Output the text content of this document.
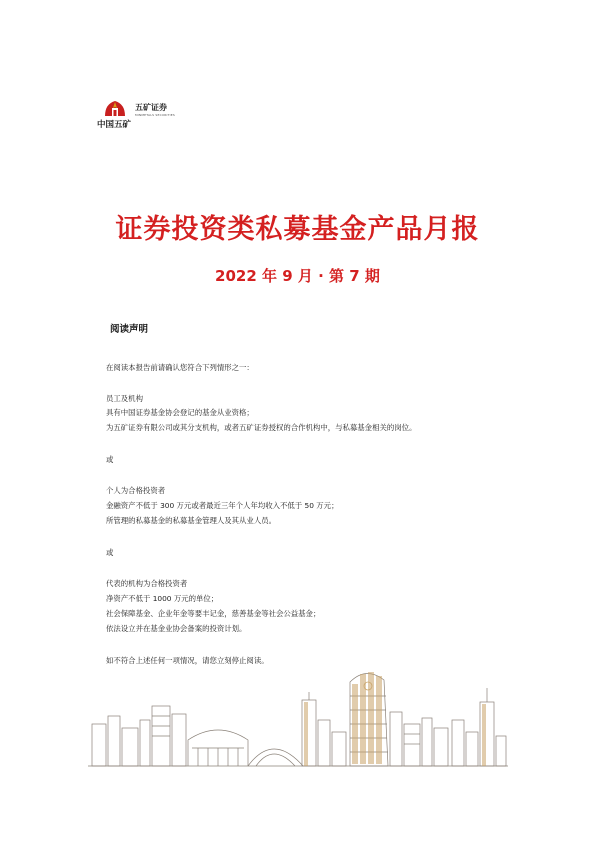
中国五矿
五矿证券
MINMETALS SECURITIES
证券投资类私募基金产品月报
2022 年 9 月 · 第 7 期
阅读声明
在阅读本报告前请确认您符合下列情形之一：
员工及机构
具有中国证券基金协会登记的基金从业资格；
为五矿证券有限公司或其分支机构，或者五矿证券授权的合作机构中，与私募基金相关的岗位。
或
个人为合格投资者
金融资产不低于 300 万元或者最近三年个人年均收入不低于 50 万元；
所管理的私募基金的私募基金管理人及其从业人员。
或
代表的机构为合格投资者
净资产不低于 1000 万元的单位；
社会保障基金、企业年金等要丰记金，慈善基金等社会公益基金；
依法设立并在基金业协会备案的投资计划。
如不符合上述任何一项情况，请您立刻停止阅读。
